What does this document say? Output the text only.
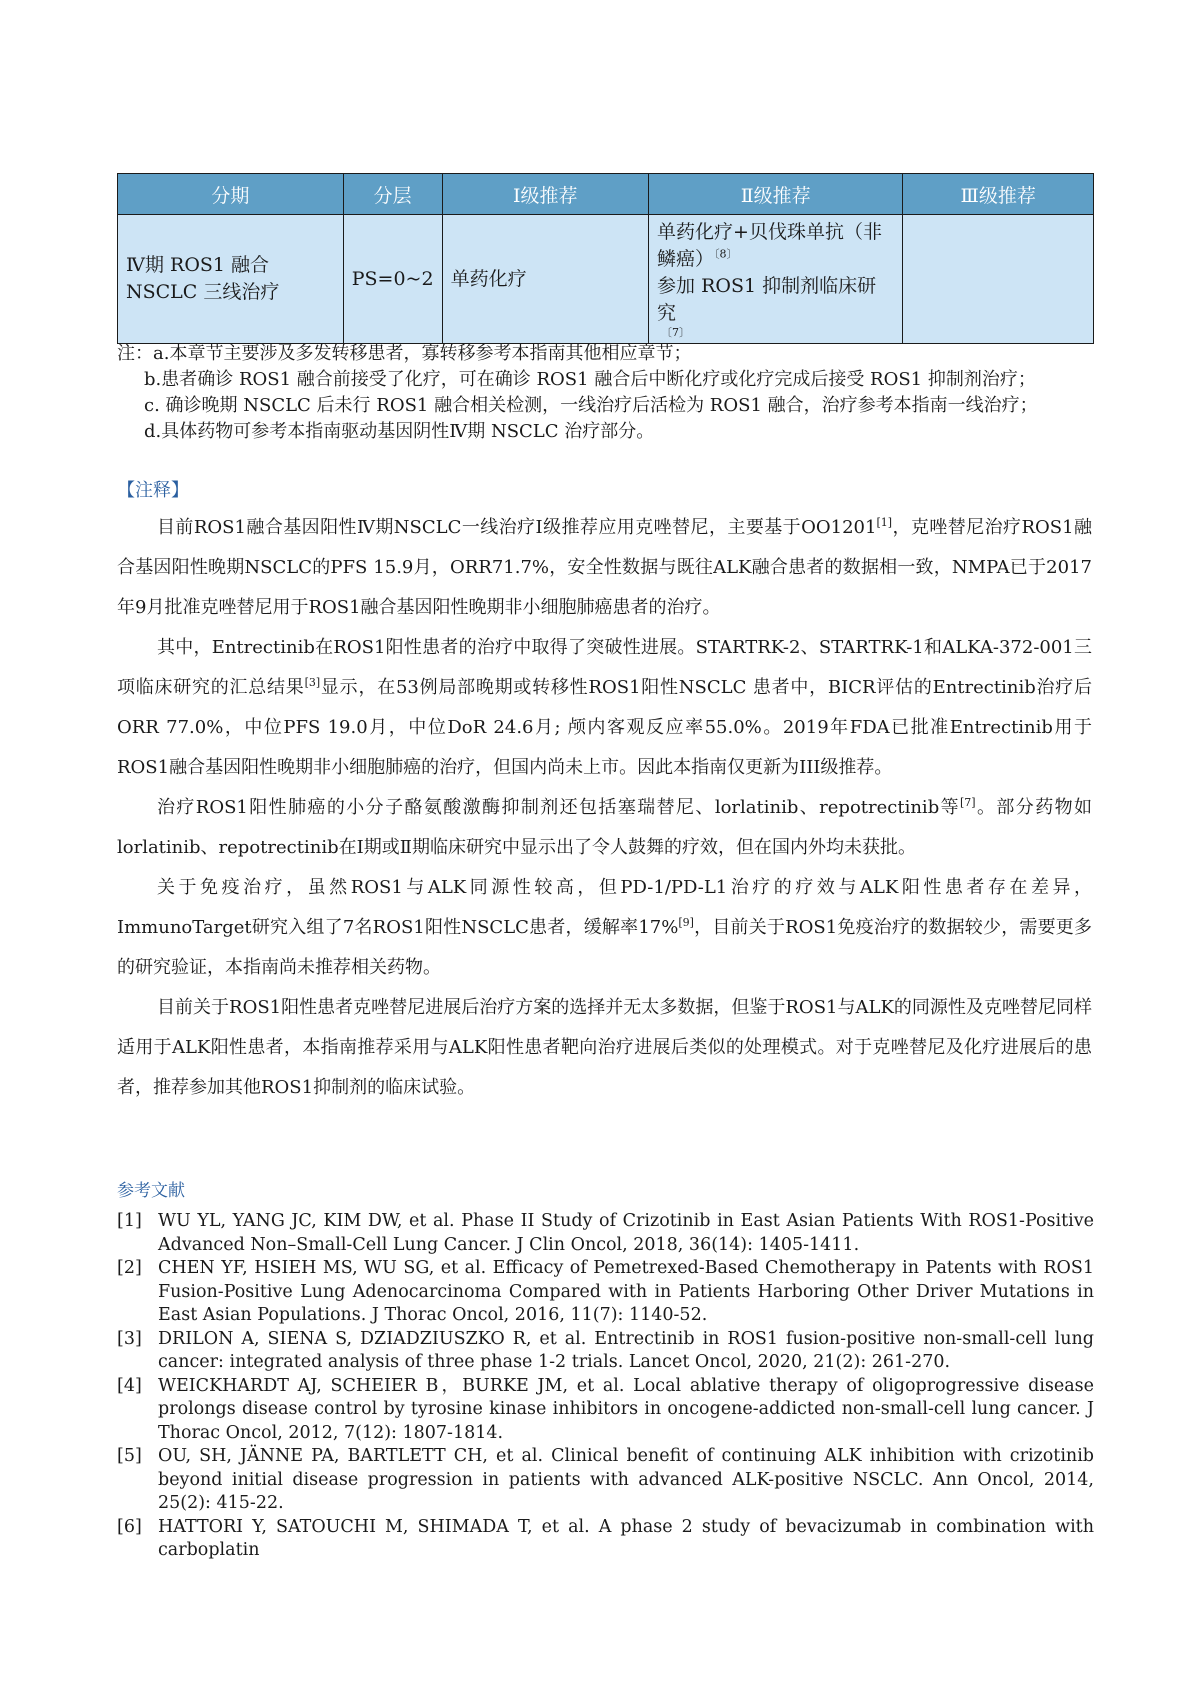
分期	分层	Ⅰ级推荐	Ⅱ级推荐	Ⅲ级推荐
Ⅳ期 ROS1 融合 NSCLC 三线治疗	PS=0~2	单药化疗	单药化疗+贝伐珠单抗（非鳞癌）$^{〔8〕}$
参加 ROS1 抑制剂临床研究
〔7〕	

注：a.本章节主要涉及多发转移患者，寡转移参考本指南其他相应章节；
b.患者确诊 ROS1 融合前接受了化疗，可在确诊 ROS1 融合后中断化疗或化疗完成后接受 ROS1 抑制剂治疗；
c. 确诊晚期 NSCLC 后未行 ROS1 融合相关检测，一线治疗后活检为 ROS1 融合，治疗参考本指南一线治疗；
d.具体药物可参考本指南驱动基因阴性Ⅳ期 NSCLC 治疗部分。
【注释】

目前ROS1融合基因阳性Ⅳ期NSCLC一线治疗Ⅰ级推荐应用克唑替尼，主要基于OO1201[1]，克唑替尼治疗ROS1融合基因阳性晚期NSCLC的PFS 15.9月，ORR71.7%，安全性数据与既往ALK融合患者的数据相一致，NMPA已于2017年9月批准克唑替尼用于ROS1融合基因阳性晚期非小细胞肺癌患者的治疗。

其中，Entrectinib在ROS1阳性患者的治疗中取得了突破性进展。STARTRK-2、STARTRK-1和ALKA-372-001三项临床研究的汇总结果[3]显示，在53例局部晚期或转移性ROS1阳性NSCLC 患者中，BICR评估的Entrectinib治疗后ORR 77.0%，中位PFS 19.0月，中位DoR 24.6月; 颅内客观反应率55.0%。2019年FDA已批准Entrectinib用于ROS1融合基因阳性晚期非小细胞肺癌的治疗，但国内尚未上市。因此本指南仅更新为III级推荐。

治疗ROS1阳性肺癌的小分子酪氨酸激酶抑制剂还包括塞瑞替尼、lorlatinib、repotrectinib等[7]。部分药物如lorlatinib、repotrectinib在Ⅰ期或Ⅱ期临床研究中显示出了令人鼓舞的疗效，但在国内外均未获批。

关于免疫治疗，虽然ROS1与ALK同源性较高，但PD-1/PD-L1治疗的疗效与ALK阳性患者存在差异，ImmunoTarget研究入组了7名ROS1阳性NSCLC患者，缓解率17%[9]，目前关于ROS1免疫治疗的数据较少，需要更多的研究验证，本指南尚未推荐相关药物。

目前关于ROS1阳性患者克唑替尼进展后治疗方案的选择并无太多数据，但鉴于ROS1与ALK的同源性及克唑替尼同样适用于ALK阳性患者，本指南推荐采用与ALK阳性患者靶向治疗进展后类似的处理模式。对于克唑替尼及化疗进展后的患者，推荐参加其他ROS1抑制剂的临床试验。

参考文献
[1] WU YL, YANG JC, KIM DW, et al. Phase II Study of Crizotinib in East Asian Patients With ROS1-Positive Advanced Non–Small-Cell Lung Cancer. J Clin Oncol, 2018, 36(14): 1405-1411.
[2] CHEN YF, HSIEH MS, WU SG, et al. Efficacy of Pemetrexed-Based Chemotherapy in Patents with ROS1 Fusion-Positive Lung Adenocarcinoma Compared with in Patients Harboring Other Driver Mutations in East Asian Populations. J Thorac Oncol, 2016, 11(7): 1140-52.
[3] DRILON A, SIENA S, DZIADZIUSZKO R, et al. Entrectinib in ROS1 fusion-positive non-small-cell lung cancer: integrated analysis of three phase 1-2 trials. Lancet Oncol, 2020, 21(2): 261-270.
[4] WEICKHARDT AJ, SCHEIER B，BURKE JM, et al. Local ablative therapy of oligoprogressive disease prolongs disease control by tyrosine kinase inhibitors in oncogene-addicted non-small-cell lung cancer. J Thorac Oncol, 2012, 7(12): 1807-1814.
[5] OU, SH, JÄNNE PA, BARTLETT CH, et al. Clinical benefit of continuing ALK inhibition with crizotinib beyond initial disease progression in patients with advanced ALK-positive NSCLC. Ann Oncol, 2014, 25(2): 415-22.
[6] HATTORI Y, SATOUCHI M, SHIMADA T, et al. A phase 2 study of bevacizumab in combination with carboplatin
